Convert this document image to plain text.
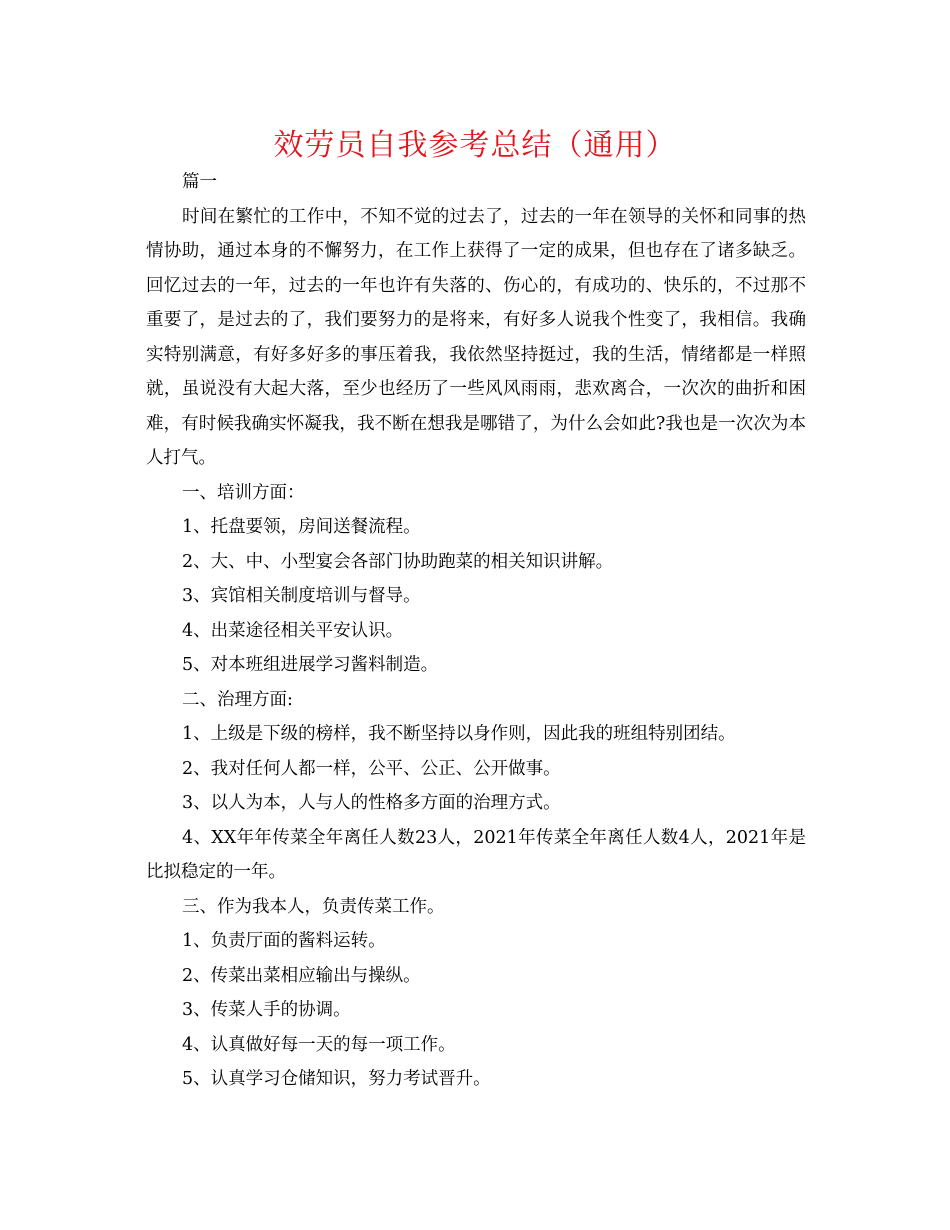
效劳员自我参考总结（通用）

篇一

时间在繁忙的工作中，不知不觉的过去了，过去的一年在领导的关怀和同事的热情协助，通过本身的不懈努力，在工作上获得了一定的成果，但也存在了诸多缺乏。回忆过去的一年，过去的一年也许有失落的、伤心的，有成功的、快乐的，不过那不重要了，是过去的了，我们要努力的是将来，有好多人说我个性变了，我相信。我确实特别满意，有好多好多的事压着我，我依然坚持挺过，我的生活，情绪都是一样照就，虽说没有大起大落，至少也经历了一些风风雨雨，悲欢离合，一次次的曲折和困难，有时候我确实怀凝我，我不断在想我是哪错了，为什么会如此?我也是一次次为本人打气。

一、培训方面：

1、托盘要领，房间送餐流程。

2、大、中、小型宴会各部门协助跑菜的相关知识讲解。

3、宾馆相关制度培训与督导。

4、出菜途径相关平安认识。

5、对本班组进展学习酱料制造。

二、治理方面:

1、上级是下级的榜样，我不断坚持以身作则，因此我的班组特别团结。

2、我对任何人都一样，公平、公正、公开做事。

3、以人为本，人与人的性格多方面的治理方式。

4、XX年年传菜全年离任人数23人，2021年传菜全年离任人数4人，2021年是比拟稳定的一年。

三、作为我本人，负责传菜工作。

1、负责厅面的酱料运转。

2、传菜出菜相应输出与操纵。

3、传菜人手的协调。

4、认真做好每一天的每一项工作。

5、认真学习仓储知识，努力考试晋升。
